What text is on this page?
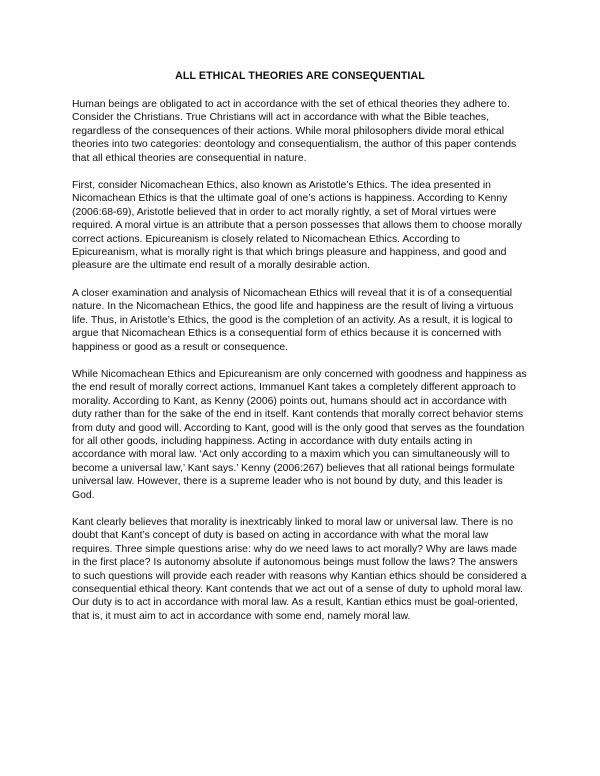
ALL ETHICAL THEORIES ARE CONSEQUENTIAL

Human beings are obligated to act in accordance with the set of ethical theories they adhere to. Consider the Christians. True Christians will act in accordance with what the Bible teaches, regardless of the consequences of their actions. While moral philosophers divide moral ethical theories into two categories: deontology and consequentialism, the author of this paper contends that all ethical theories are consequential in nature.

First, consider Nicomachean Ethics, also known as Aristotle’s Ethics. The idea presented in Nicomachean Ethics is that the ultimate goal of one’s actions is happiness. According to Kenny (2006:68-69), Aristotle believed that in order to act morally rightly, a set of Moral virtues were required. A moral virtue is an attribute that a person possesses that allows them to choose morally correct actions. Epicureanism is closely related to Nicomachean Ethics. According to Epicureanism, what is morally right is that which brings pleasure and happiness, and good and pleasure are the ultimate end result of a morally desirable action.

A closer examination and analysis of Nicomachean Ethics will reveal that it is of a consequential nature. In the Nicomachean Ethics, the good life and happiness are the result of living a virtuous life. Thus, in Aristotle’s Ethics, the good is the completion of an activity. As a result, it is logical to argue that Nicomachean Ethics is a consequential form of ethics because it is concerned with happiness or good as a result or consequence.

While Nicomachean Ethics and Epicureanism are only concerned with goodness and happiness as the end result of morally correct actions, Immanuel Kant takes a completely different approach to morality. According to Kant, as Kenny (2006) points out, humans should act in accordance with duty rather than for the sake of the end in itself. Kant contends that morally correct behavior stems from duty and good will. According to Kant, good will is the only good that serves as the foundation for all other goods, including happiness. Acting in accordance with duty entails acting in accordance with moral law. ‘Act only according to a maxim which you can simultaneously will to become a universal law,’ Kant says.’ Kenny (2006:267) believes that all rational beings formulate universal law. However, there is a supreme leader who is not bound by duty, and this leader is God.

Kant clearly believes that morality is inextricably linked to moral law or universal law. There is no doubt that Kant’s concept of duty is based on acting in accordance with what the moral law requires. Three simple questions arise: why do we need laws to act morally? Why are laws made in the first place? Is autonomy absolute if autonomous beings must follow the laws? The answers to such questions will provide each reader with reasons why Kantian ethics should be considered a consequential ethical theory. Kant contends that we act out of a sense of duty to uphold moral law. Our duty is to act in accordance with moral law. As a result, Kantian ethics must be goal-oriented, that is, it must aim to act in accordance with some end, namely moral law.
